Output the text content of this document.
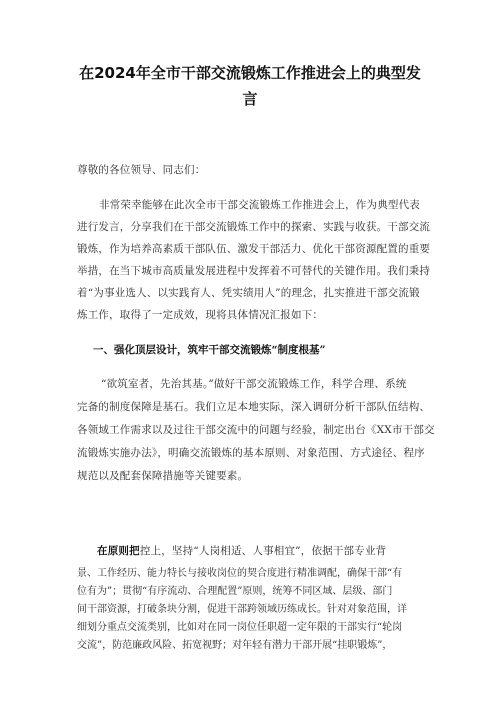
在2024年全市干部交流锻炼工作推进会上的典型发
言

尊敬的各位领导、同志们：

非常荣幸能够在此次全市干部交流锻炼工作推进会上，作为典型代表

进行发言，分享我们在干部交流锻炼工作中的探索、实践与收获。干部交流

锻炼，作为培养高素质干部队伍、激发干部活力、优化干部资源配置的重要

举措，在当下城市高质量发展进程中发挥着不可替代的关键作用。我们秉持

着“为事业选人、以实践育人、凭实绩用人”的理念，扎实推进干部交流锻

炼工作，取得了一定成效，现将具体情况汇报如下：

一、强化顶层设计，筑牢干部交流锻炼“制度根基”

“欲筑室者，先治其基。”做好干部交流锻炼工作，科学合理、系统

完备的制度保障是基石。我们立足本地实际，深入调研分析干部队伍结构、

各领域工作需求以及过往干部交流中的问题与经验，制定出台《XX市干部交

流锻炼实施办法》，明确交流锻炼的基本原则、对象范围、方式途径、程序

规范以及配套保障措施等关键要素。

在原则把控上，坚持“人岗相适、人事相宜”，依据干部专业背

景、工作经历、能力特长与接收岗位的契合度进行精准调配，确保干部“有

位有为”；贯彻“有序流动、合理配置”原则，统筹不同区域、层级、部门

间干部资源，打破条块分割，促进干部跨领域历练成长。针对对象范围，详

细划分重点交流类别，比如对在同一岗位任职超一定年限的干部实行“轮岗

交流”，防范廉政风险、拓宽视野；对年轻有潜力干部开展“挂职锻炼”，
